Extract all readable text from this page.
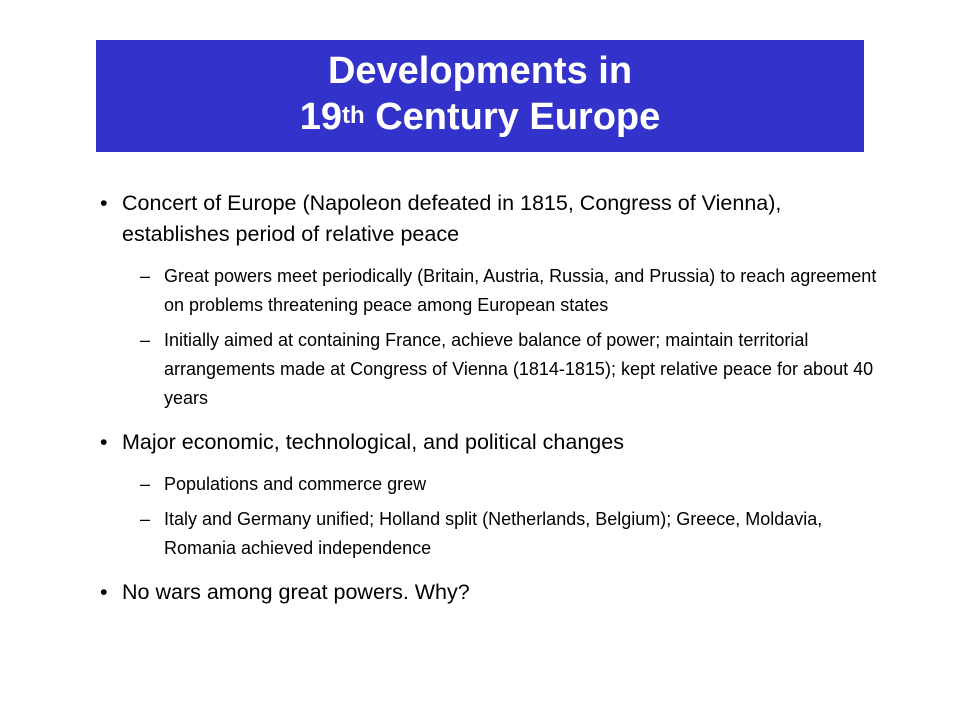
Developments in
19th Century Europe
• Concert of Europe (Napoleon defeated in 1815, Congress of Vienna), establishes period of relative peace
– Great powers meet periodically (Britain, Austria, Russia, and Prussia) to reach agreement on problems threatening peace among European states
– Initially aimed at containing France, achieve balance of power; maintain territorial arrangements made at Congress of Vienna (1814-1815); kept relative peace for about 40 years
• Major economic, technological, and political changes
– Populations and commerce grew
– Italy and Germany unified; Holland split (Netherlands, Belgium); Greece, Moldavia, Romania achieved independence
• No wars among great powers. Why?
